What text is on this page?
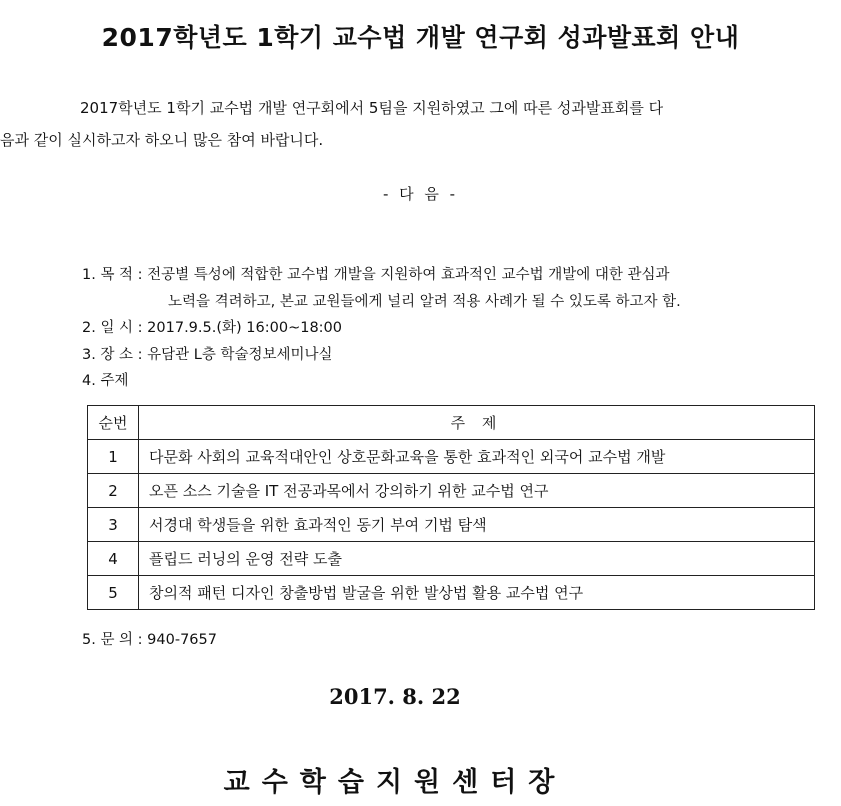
2017학년도 1학기 교수법 개발 연구회 성과발표회 안내
2017학년도 1학기 교수법 개발 연구회에서 5팀을 지원하였고 그에 따른 성과발표회를 다
음과 같이 실시하고자 하오니 많은 참여 바랍니다.
- 다 음 -
1. 목 적 : 전공별 특성에 적합한 교수법 개발을 지원하여 효과적인 교수법 개발에 대한 관심과
노력을 격려하고, 본교 교원들에게 널리 알려 적용 사례가 될 수 있도록 하고자 함.
2. 일 시 : 2017.9.5.(화) 16:00~18:00
3. 장 소 : 유담관 L층 학술정보세미나실
4. 주제
순번	주 제
1	다문화 사회의 교육적대안인 상호문화교육을 통한 효과적인 외국어 교수법 개발
2	오픈 소스 기술을 IT 전공과목에서 강의하기 위한 교수법 연구
3	서경대 학생들을 위한 효과적인 동기 부여 기법 탐색
4	플립드 러닝의 운영 전략 도출
5	창의적 패턴 디자인 창출방법 발굴을 위한 발상법 활용 교수법 연구
5. 문 의 : 940-7657
2017. 8. 22
교수학습지원센터장
